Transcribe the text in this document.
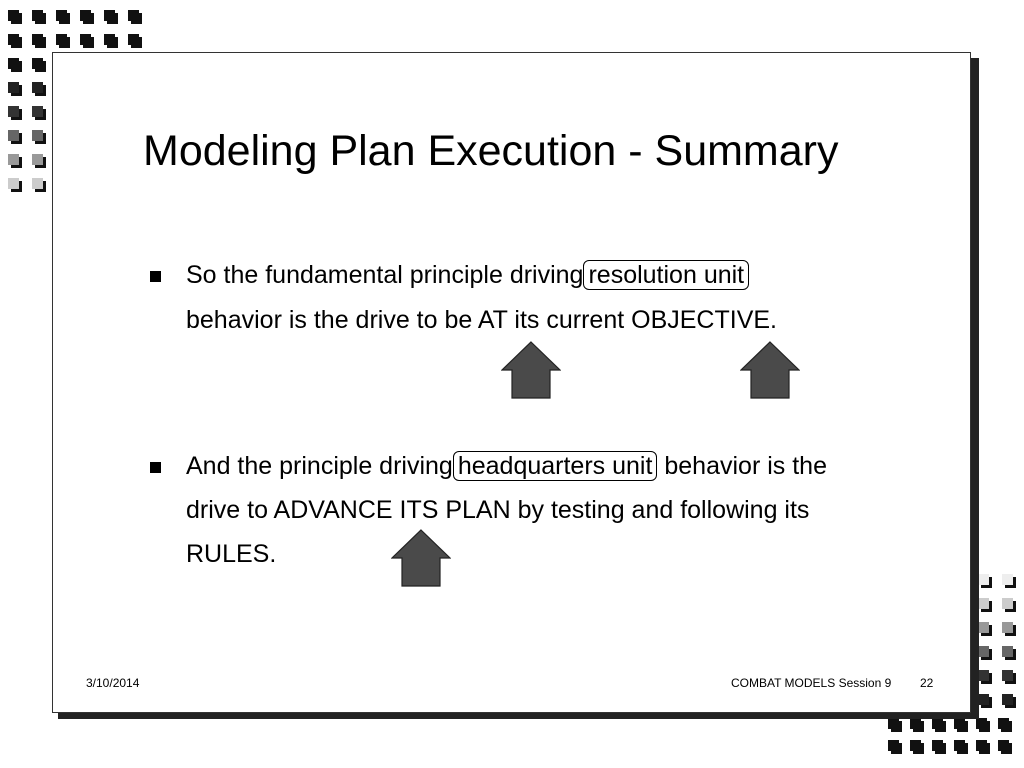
Modeling Plan Execution - Summary

So the fundamental principle driving resolution unit

behavior is the drive to be AT its current OBJECTIVE.

And the principle driving headquarters unit behavior is the

drive to ADVANCE ITS PLAN by testing and following its

RULES.

3/10/2014	COMBAT MODELS Session 9 22
